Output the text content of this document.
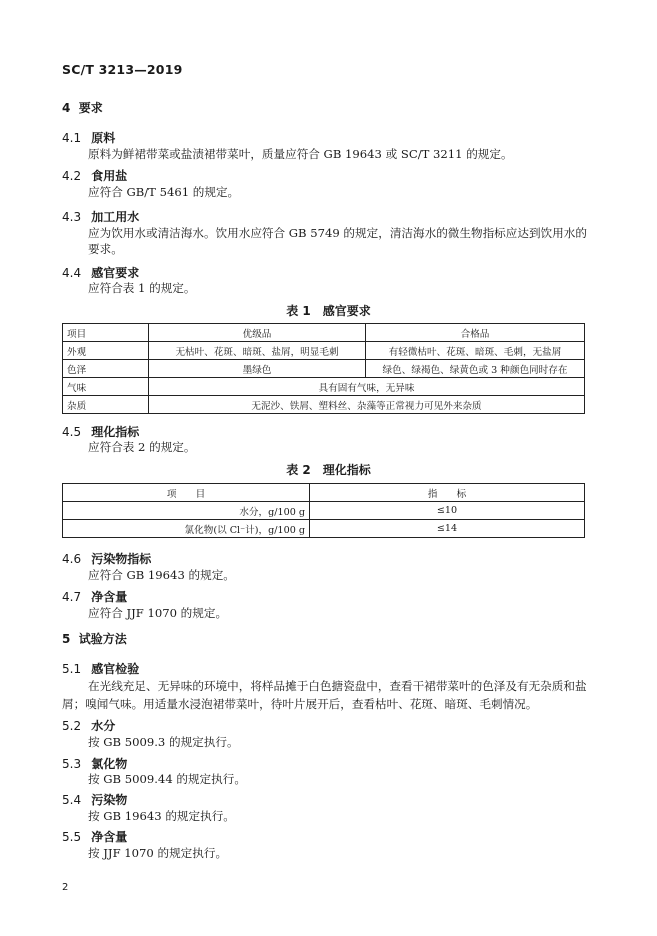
SC/T 3213—2019
4 要求
4.1 原料
原料为鲜裙带菜或盐渍裙带菜叶，质量应符合 GB 19643 或 SC/T 3211 的规定。
4.2 食用盐
应符合 GB/T 5461 的规定。
4.3 加工用水
应为饮用水或清洁海水。饮用水应符合 GB 5749 的规定，清洁海水的微生物指标应达到饮用水的要求。
4.4 感官要求
应符合表 1 的规定。
表 1　感官要求
项目	优级品	合格品
外观	无枯叶、花斑、暗斑、盐屑，明显毛刺	有轻微枯叶、花斑、暗斑、毛刺，无盐屑
色泽	墨绿色	绿色、绿褐色、绿黄色或 3 种颜色同时存在
气味	具有固有气味，无异味	
杂质	无泥沙、铁屑、塑料丝、杂藻等正常视力可见外来杂质	
4.5 理化指标
应符合表 2 的规定。
表 2　理化指标
项　　目	指　　标
水分，g/100 g	≤10
氯化物(以 Cl⁻计)，g/100 g	≤14
4.6 污染物指标
应符合 GB 19643 的规定。
4.7 净含量
应符合 JJF 1070 的规定。
5 试验方法
5.1 感官检验
在光线充足、无异味的环境中，将样品摊于白色搪瓷盘中，查看干裙带菜叶的色泽及有无杂质和盐屑；嗅闻气味。用适量水浸泡裙带菜叶，待叶片展开后，查看枯叶、花斑、暗斑、毛刺情况。
5.2 水分
按 GB 5009.3 的规定执行。
5.3 氯化物
按 GB 5009.44 的规定执行。
5.4 污染物
按 GB 19643 的规定执行。
5.5 净含量
按 JJF 1070 的规定执行。
2
